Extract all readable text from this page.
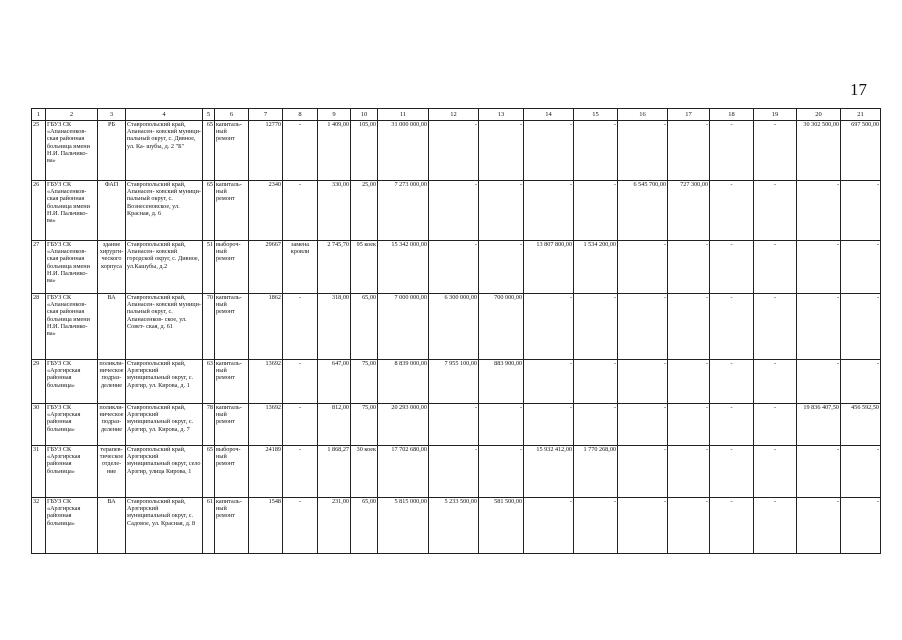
17
1	2	3	4	5	6	7	8	9	10	11	12	13	14	15	16	17	18	19	20	21
25	ГБУЗ СК «Апанасенков- ская районная больница имени Н.И. Пальчико- ва»	РБ	Ставропольский край, Апанасен- ковский муници- пальный округ, с. Дивное, ул. Ка- шубы, д. 2 "Б"	65	капиталь- ный ремонт	12770	-	1 409,00	105,00	31 000 000,00	-	-	-	-	-	-	-	-	30 302 500,00	697 500,00
26	ГБУЗ СК «Апанасенков- ская районная больница имени Н.И. Пальчико- ва»	ФАП	Ставропольский край, Апанасен- ковский муници- пальный округ, с. Вознесеновское, ул. Красная, д. 6	65	капиталь- ный ремонт	2340	-	330,00	25,00	7 273 000,00	-	-	-	-	6 545 700,00	727 300,00	-	-	-	-
27	ГБУЗ СК «Апанасенков- ская районная больница имени Н.И. Пальчико- ва»	здание хирурги- ческого корпуса	Ставропольский край, Апанасен- ковский городской округ, с. Дивное, ул.Кашубы, д.2	51	выбороч- ный ремонт	29667	замена кровли	2 745,70	95 коек	15 342 000,00	-	-	13 807 800,00	1 534 200,00	-	-	-	-	-	-
28	ГБУЗ СК «Апанасенков- ская районная больница имени Н.И. Пальчико- ва»	ВА	Ставропольский край, Апанасен- ковский муници- пальный округ, с. Апанасенков- ское, ул. Совет- ская, д. 61	70	капиталь- ный ремонт	1862	-	318,00	65,00	7 000 000,00	6 300 000,00	700 000,00	-	-	-	-	-	-	-	-
29	ГБУЗ СК «Арзгирская районная больница»	поликли- ническое подраз- деление	Ставропольский край, Арзгирский муниципальный округ, с. Арзгир, ул. Кирова, д. 1	63	капиталь- ный ремонт	13692	-	647,00	75,00	8 839 000,00	7 955 100,00	883 900,00	-	-	-	-	-	-	-	-
30	ГБУЗ СК «Арзгирская районная больница»	поликли- ническое подраз- деление	Ставропольский край, Арзгирский муниципальный округ, с. Арзгир, ул. Кирова, д. 7	78	капиталь- ный ремонт	13692	-	812,00	75,00	20 293 000,00	-	-	-	-	-	-	-	-	19 836 407,50	456 592,50
31	ГБУЗ СК «Арзгирская районная больница»	терапев- тическое отделе- ние	Ставропольский край, Арзгирский муниципальный округ, село Арзгир, улица Кирова, 1	65	выбороч- ный ремонт	24189	-	1 868,27	30 коек	17 702 680,00	-	-	15 932 412,00	1 770 268,00	-	-	-	-	-	-
32	ГБУЗ СК «Арзгирская районная больница»	ВА	Ставропольский край, Арзгирский муниципальный округ, с. Садовое, ул. Красная, д. 8	61	капиталь- ный ремонт	1548	-	231,00	65,00	5 815 000,00	5 233 500,00	581 500,00	-	-	-	-	-	-	-	-
